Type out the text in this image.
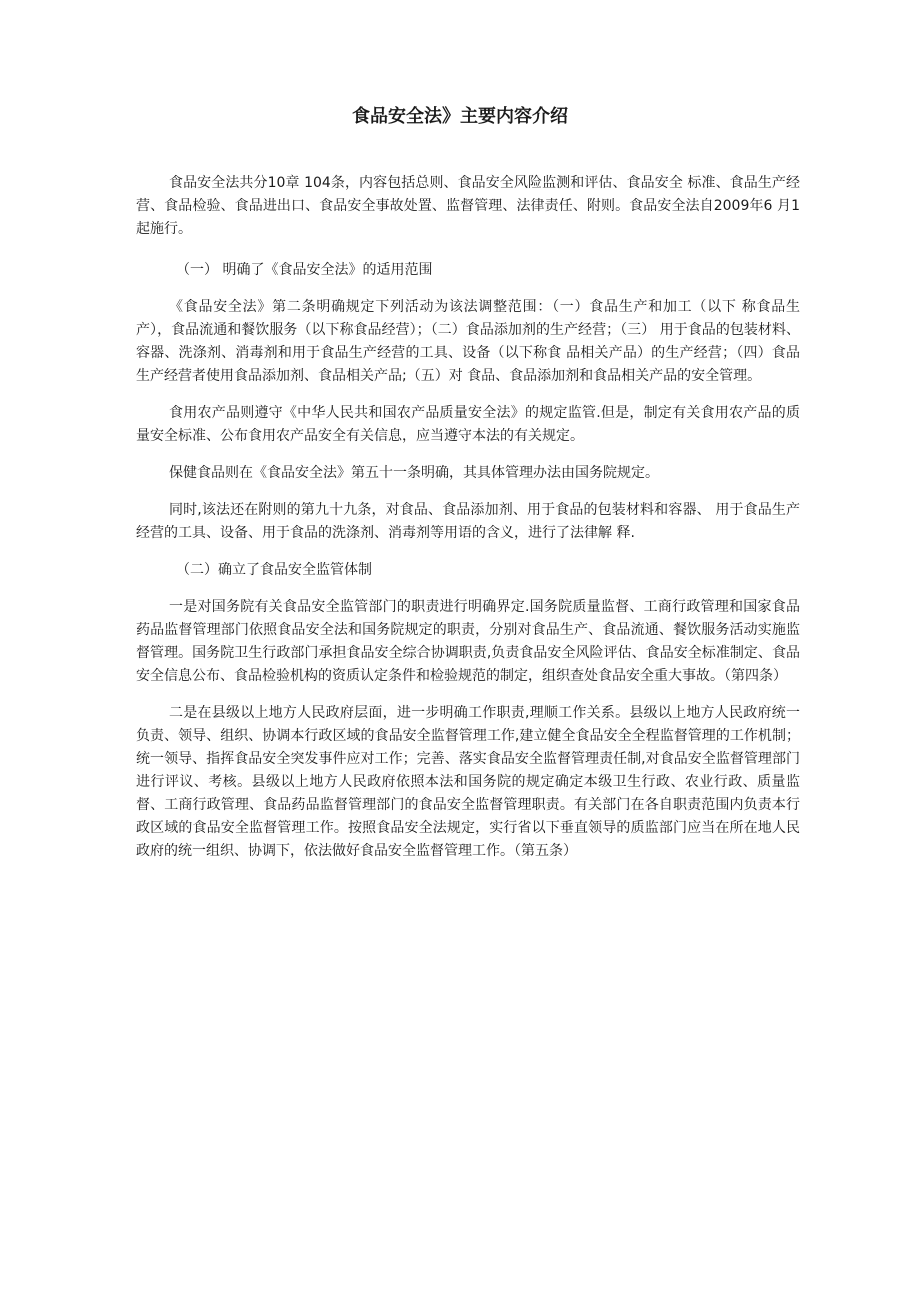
食品安全法》主要内容介绍

食品安全法共分10章 104条，内容包括总则、食品安全风险监测和评估、食品安全 标准、食品生产经营、食品检验、食品进出口、食品安全事故处置、监督管理、法律责任、附则。食品安全法自2009年6 月1 起施行。

（一） 明确了《食品安全法》的适用范围

《食品安全法》第二条明确规定下列活动为该法调整范围：（一）食品生产和加工（以下 称食品生产），食品流通和餐饮服务（以下称食品经营）；（二）食品添加剂的生产经营；（三） 用于食品的包装材料、容器、洗涤剂、消毒剂和用于食品生产经营的工具、设备（以下称食 品相关产品）的生产经营；（四）食品生产经营者使用食品添加剂、食品相关产品;（五）对 食品、食品添加剂和食品相关产品的安全管理。

食用农产品则遵守《中华人民共和国农产品质量安全法》的规定监管.但是，制定有关食用农产品的质量安全标准、公布食用农产品安全有关信息，应当遵守本法的有关规定。

保健食品则在《食品安全法》第五十一条明确，其具体管理办法由国务院规定。

同时,该法还在附则的第九十九条，对食品、食品添加剂、用于食品的包装材料和容器、 用于食品生产经营的工具、设备、用于食品的洗涤剂、消毒剂等用语的含义，进行了法律解 释.

（二）确立了食品安全监管体制

一是对国务院有关食品安全监管部门的职责进行明确界定.国务院质量监督、工商行政管理和国家食品药品监督管理部门依照食品安全法和国务院规定的职责，分别对食品生产、食品流通、餐饮服务活动实施监督管理。国务院卫生行政部门承担食品安全综合协调职责,负责食品安全风险评估、食品安全标准制定、食品安全信息公布、食品检验机构的资质认定条件和检验规范的制定，组织查处食品安全重大事故。（第四条）

二是在县级以上地方人民政府层面，进一步明确工作职责,理顺工作关系。县级以上地方人民政府统一负责、领导、组织、协调本行政区域的食品安全监督管理工作,建立健全食品安全全程监督管理的工作机制；统一领导、指挥食品安全突发事件应对工作；完善、落实食品安全监督管理责任制,对食品安全监督管理部门进行评议、考核。县级以上地方人民政府依照本法和国务院的规定确定本级卫生行政、农业行政、质量监督、工商行政管理、食品药品监督管理部门的食品安全监督管理职责。有关部门在各自职责范围内负责本行政区域的食品安全监督管理工作。按照食品安全法规定，实行省以下垂直领导的质监部门应当在所在地人民政府的统一组织、协调下，依法做好食品安全监督管理工作。（第五条）
